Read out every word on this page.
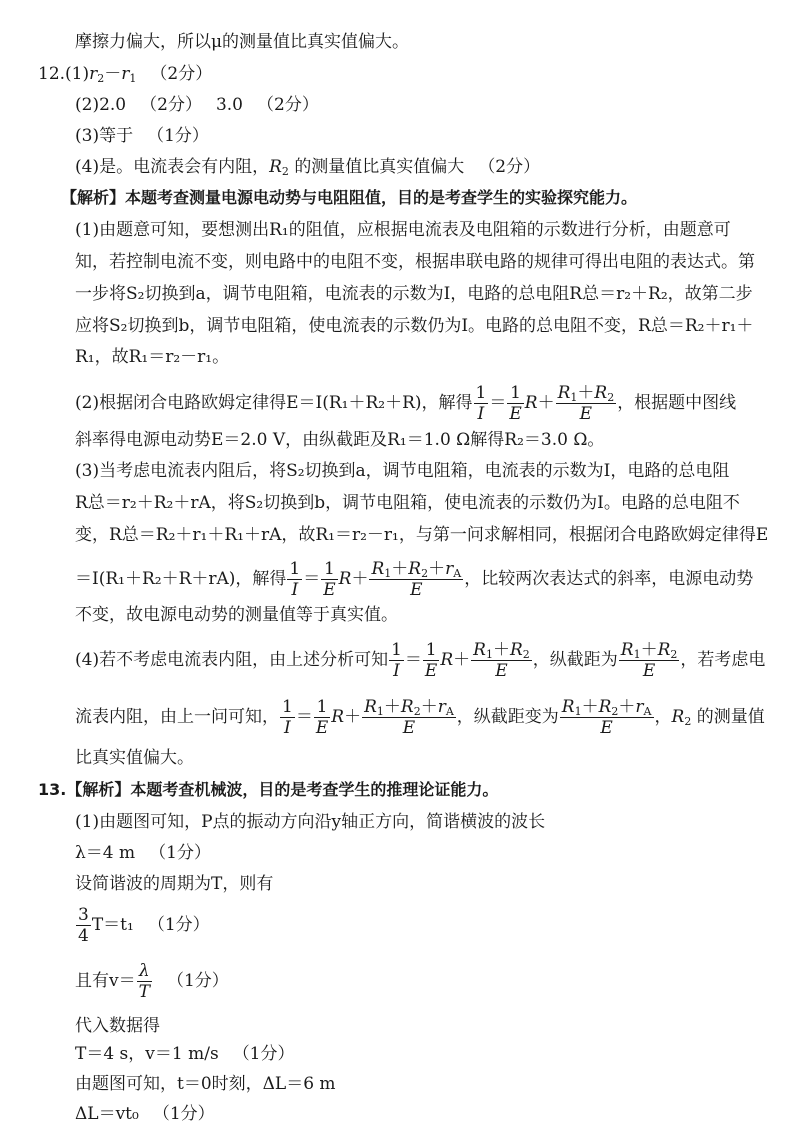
摩擦力偏大，所以μ的测量值比真实值偏大。
$12.(1)r_2-r_1$ （2分）
(2)2.0 （2分） 3.0 （2分）
(3)等于 （1分）
(4)是。电流表会有内阻，$R_2$ 的测量值比真实值偏大 （2分）
【解析】本题考查测量电源电动势与电阻阻值，目的是考查学生的实验探究能力。
(1)由题意可知，要想测出R₁的阻值，应根据电流表及电阻箱的示数进行分析，由题意可
知，若控制电流不变，则电路中的电阻不变，根据串联电路的规律可得出电阻的表达式。第
一步将S₂切换到a，调节电阻箱，电流表的示数为I，电路的总电阻R总＝r₂＋R₂，故第二步
应将S₂切换到b，调节电阻箱，使电流表的示数仍为I。电路的总电阻不变，R总＝R₂＋r₁＋
R₁，故R₁＝r₂－r₁。
(2)根据闭合电路欧姆定律得E＝I(R₁＋R₂＋R)，解得 $\frac{1}{I} = \frac{1}{E} R+ \frac{R_1+R_2}{E}$ ，根据题中图线
斜率得电源电动势E＝2.0 V，由纵截距及R₁＝1.0 Ω解得R₂＝3.0 Ω。
(3)当考虑电流表内阻后，将S₂切换到a，调节电阻箱，电流表的示数为I，电路的总电阻
R总＝r₂＋R₂＋rA，将S₂切换到b，调节电阻箱，使电流表的示数仍为I。电路的总电阻不
变，R总＝R₂＋r₁＋R₁＋rA，故R₁＝r₂－r₁，与第一问求解相同，根据闭合电路欧姆定律得E
＝I(R₁＋R₂＋R＋rA)，解得 $\frac{1}{I} = \frac{1}{E} R+ \frac{R_1+R_2+r_A}{E}$ ，比较两次表达式的斜率，电源电动势
不变，故电源电动势的测量值等于真实值。
(4)若不考虑电流表内阻，由上述分析可知 $\frac{1}{I} = \frac{1}{E} R+ \frac{R_1+R_2}{E}$ ，纵截距为 $\frac{R_1+R_2}{E}$ ，若考虑电
流表内阻，由上一问可知， $\frac{1}{I} = \frac{1}{E} R+ \frac{R_1+R_2+r_A}{E}$ ，纵截距变为 $\frac{R_1+R_2+r_A}{E}$ ，$R_2$ 的测量值
比真实值偏大。
13.【解析】本题考查机械波，目的是考查学生的推理论证能力。
(1)由题图可知，P点的振动方向沿y轴正方向，简谐横波的波长
λ＝4 m （1分）
设简谐波的周期为T，则有
$\frac{3}{4} T=t_1$ （1分）
且有$v= \frac{\lambda}{T} (1$分）
代入数据得
T＝4 s，v＝1 m/s （1分）
由题图可知，t＝0时刻，ΔL＝6 m
ΔL＝vt₀ （1分）
